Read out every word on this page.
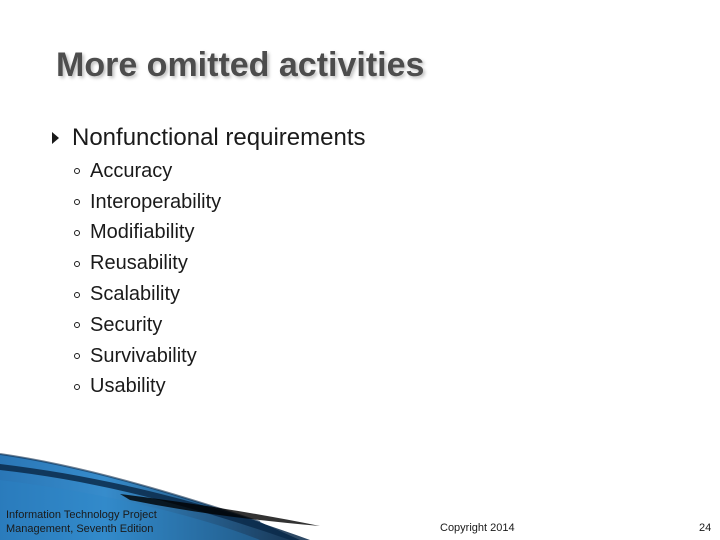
More omitted activities
Nonfunctional requirements
Accuracy
Interoperability
Modifiability
Reusability
Scalability
Security
Survivability
Usability
Information Technology Project
Management, Seventh Edition	Copyright 2014	24
